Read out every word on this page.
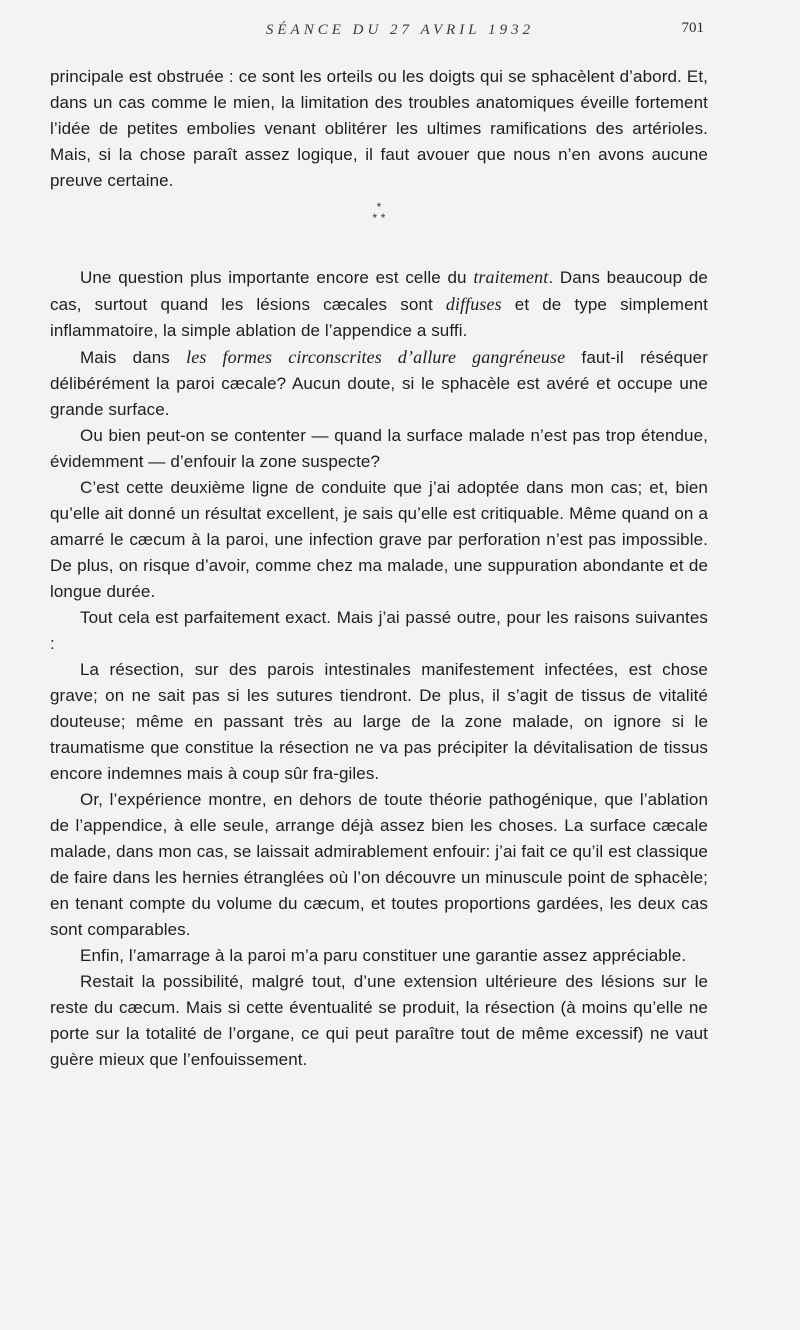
SÉANCE DU 27 AVRIL 1932	701

principale est obstruée : ce sont les orteils ou les doigts qui se sphacèlent d’abord. Et, dans un cas comme le mien, la limitation des troubles anatomiques éveille fortement l’idée de petites embolies venant oblitérer les ultimes ramifications des artérioles. Mais, si la chose paraît assez logique, il faut avouer que nous n’en avons aucune preuve certaine.

*
* *

Une question plus importante encore est celle du traitement. Dans beaucoup de cas, surtout quand les lésions cæcales sont diffuses et de type simplement inflammatoire, la simple ablation de l’appendice a suffi.

Mais dans les formes circonscrites d’allure gangréneuse faut-il réséquer délibérément la paroi cæcale? Aucun doute, si le sphacèle est avéré et occupe une grande surface.

Ou bien peut-on se contenter — quand la surface malade n’est pas trop étendue, évidemment — d’enfouir la zone suspecte?

C’est cette deuxième ligne de conduite que j’ai adoptée dans mon cas; et, bien qu’elle ait donné un résultat excellent, je sais qu’elle est critiquable. Même quand on a amarré le cæcum à la paroi, une infection grave par perforation n’est pas impossible. De plus, on risque d’avoir, comme chez ma malade, une suppuration abondante et de longue durée.

Tout cela est parfaitement exact. Mais j’ai passé outre, pour les raisons suivantes :

La résection, sur des parois intestinales manifestement infectées, est chose grave; on ne sait pas si les sutures tiendront. De plus, il s’agit de tissus de vitalité douteuse; même en passant très au large de la zone malade, on ignore si le traumatisme que constitue la résection ne va pas précipiter la dévitalisation de tissus encore indemnes mais à coup sûr fra-giles.

Or, l’expérience montre, en dehors de toute théorie pathogénique, que l’ablation de l’appendice, à elle seule, arrange déjà assez bien les choses. La surface cæcale malade, dans mon cas, se laissait admirablement enfouir: j’ai fait ce qu’il est classique de faire dans les hernies étranglées où l’on découvre un minuscule point de sphacèle; en tenant compte du volume du cæcum, et toutes proportions gardées, les deux cas sont comparables.

Enfin, l’amarrage à la paroi m’a paru constituer une garantie assez appréciable.

Restait la possibilité, malgré tout, d’une extension ultérieure des lésions sur le reste du cæcum. Mais si cette éventualité se produit, la résection (à moins qu’elle ne porte sur la totalité de l’organe, ce qui peut paraître tout de même excessif) ne vaut guère mieux que l’enfouissement.
